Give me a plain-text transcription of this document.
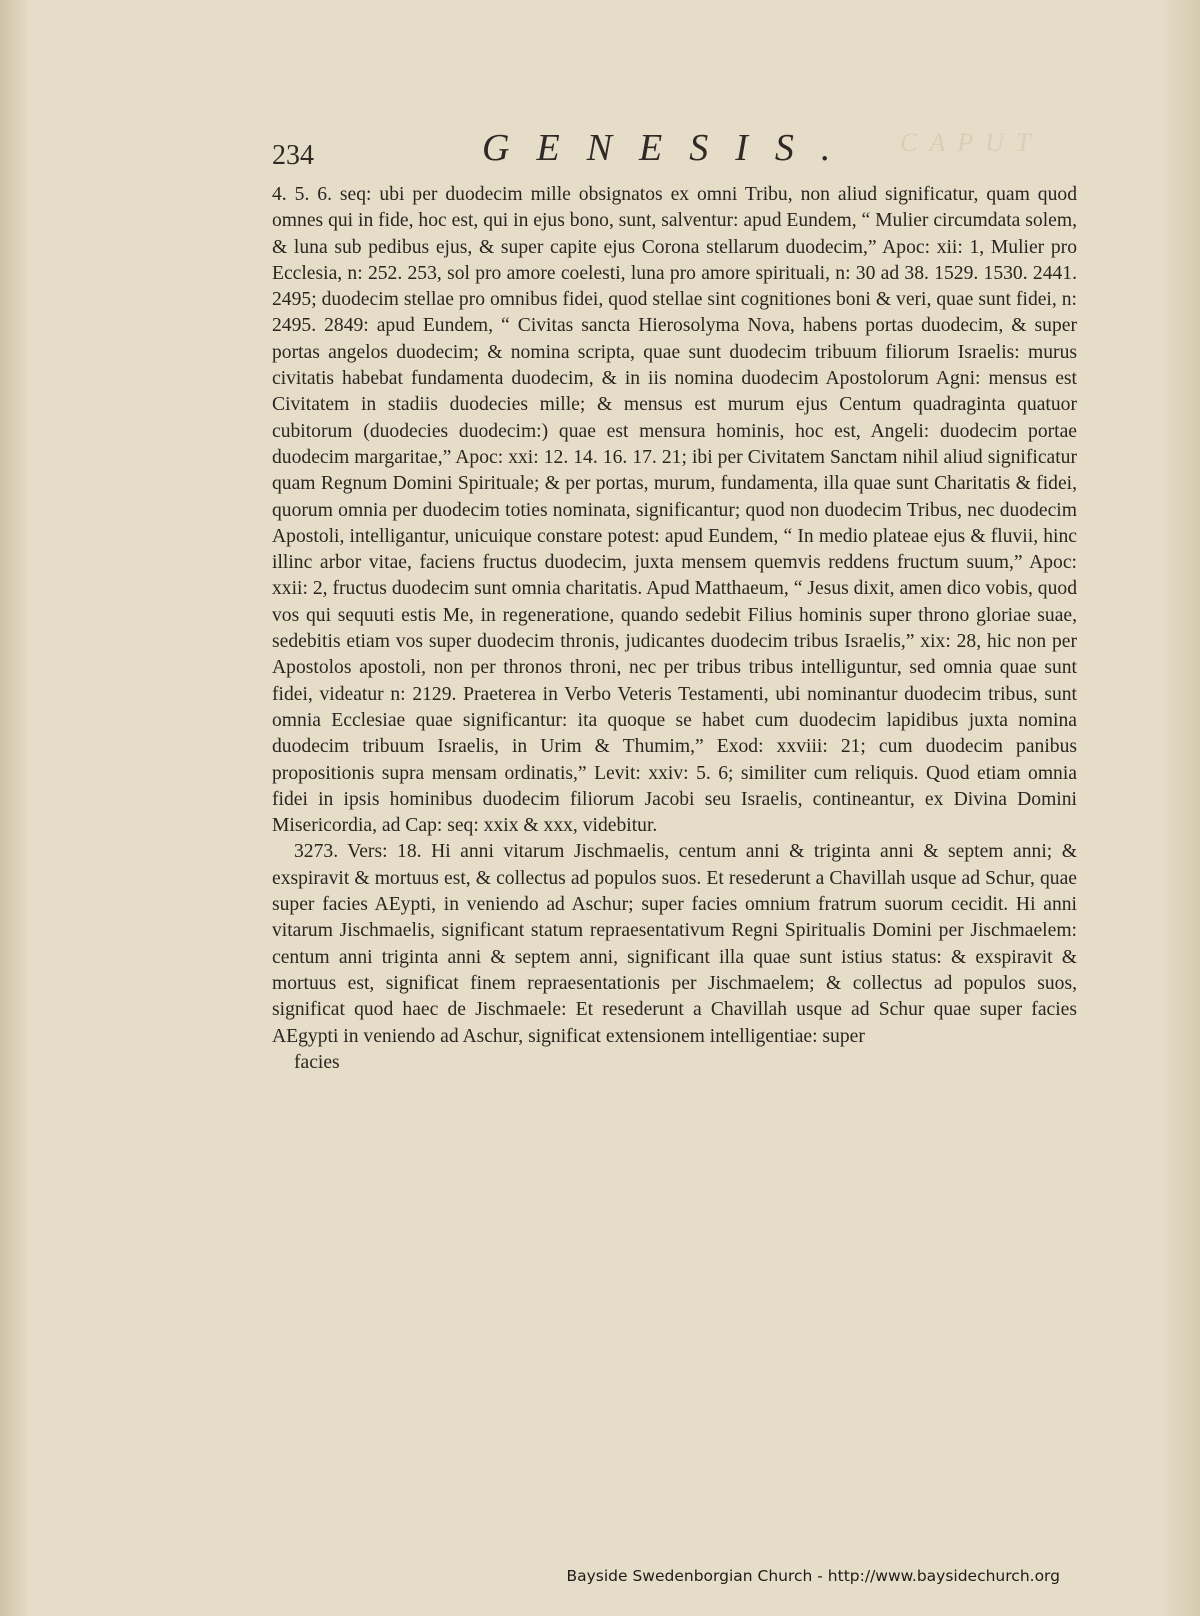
CAPUT
234	GENESIS.

4. 5. 6. seq: ubi per duodecim mille obsignatos ex omni Tribu, non aliud significatur, quam quod omnes qui in fide, hoc est, qui in ejus bono, sunt, salventur: apud Eundem, “ Mulier circumdata solem, & luna sub pedibus ejus, & super capite ejus Corona stellarum duodecim,” Apoc: xii: 1, Mulier pro Ecclesia, n: 252. 253, sol pro amore coelesti, luna pro amore spirituali, n: 30 ad 38. 1529. 1530. 2441. 2495; duodecim stellae pro omnibus fidei, quod stellae sint cognitiones boni & veri, quae sunt fidei, n: 2495. 2849: apud Eundem, “ Civitas sancta Hierosolyma Nova, habens portas duodecim, & super portas angelos duodecim; & nomina scripta, quae sunt duodecim tribuum filiorum Israelis: murus civitatis habebat fundamenta duodecim, & in iis nomina duodecim Apostolorum Agni: mensus est Civitatem in stadiis duodecies mille; & mensus est murum ejus Centum quadraginta quatuor cubitorum (duodecies duodecim:) quae est mensura hominis, hoc est, Angeli: duodecim portae duodecim margaritae,” Apoc: xxi: 12. 14. 16. 17. 21; ibi per Civitatem Sanctam nihil aliud significatur quam Regnum Domini Spirituale; & per portas, murum, fundamenta, illa quae sunt Charitatis & fidei, quorum omnia per duodecim toties nominata, significantur; quod non duodecim Tribus, nec duodecim Apostoli, intelligantur, unicuique constare potest: apud Eundem, “ In medio plateae ejus & fluvii, hinc illinc arbor vitae, faciens fructus duodecim, juxta mensem quemvis reddens fructum suum,” Apoc: xxii: 2, fructus duodecim sunt omnia charitatis. Apud Matthaeum, “ Jesus dixit, amen dico vobis, quod vos qui sequuti estis Me, in regeneratione, quando sedebit Filius hominis super throno gloriae suae, sedebitis etiam vos super duodecim thronis, judicantes duodecim tribus Israelis,” xix: 28, hic non per Apostolos apostoli, non per thronos throni, nec per tribus tribus intelliguntur, sed omnia quae sunt fidei, videatur n: 2129. Praeterea in Verbo Veteris Testamenti, ubi nominantur duodecim tribus, sunt omnia Ecclesiae quae significantur: ita quoque se habet cum duodecim lapidibus juxta nomina duodecim tribuum Israelis, in Urim & Thumim,” Exod: xxviii: 21; cum duodecim panibus propositionis supra mensam ordinatis,” Levit: xxiv: 5. 6; similiter cum reliquis. Quod etiam omnia fidei in ipsis hominibus duodecim filiorum Jacobi seu Israelis, contineantur, ex Divina Domini Misericordia, ad Cap: seq: xxix & xxx, videbitur.

3273. Vers: 18. Hi anni vitarum Jischmaelis, centum anni & triginta anni & septem anni; & exspiravit & mortuus est, & collectus ad populos suos. Et resederunt a Chavillah usque ad Schur, quae super facies AEypti, in veniendo ad Aschur; super facies omnium fratrum suorum cecidit. Hi anni vitarum Jischmaelis, significant statum repraesentativum Regni Spiritualis Domini per Jischmaelem: centum anni triginta anni & septem anni, significant illa quae sunt istius status: & exspiravit & mortuus est, significat finem repraesentationis per Jischmaelem; & collectus ad populos suos, significat quod haec de Jischmaele: Et resederunt a Chavillah usque ad Schur quae super facies AEgypti in veniendo ad Aschur, significat extensionem intelligentiae: super

facies

Bayside Swedenborgian Church - http://www.baysidechurch.org
